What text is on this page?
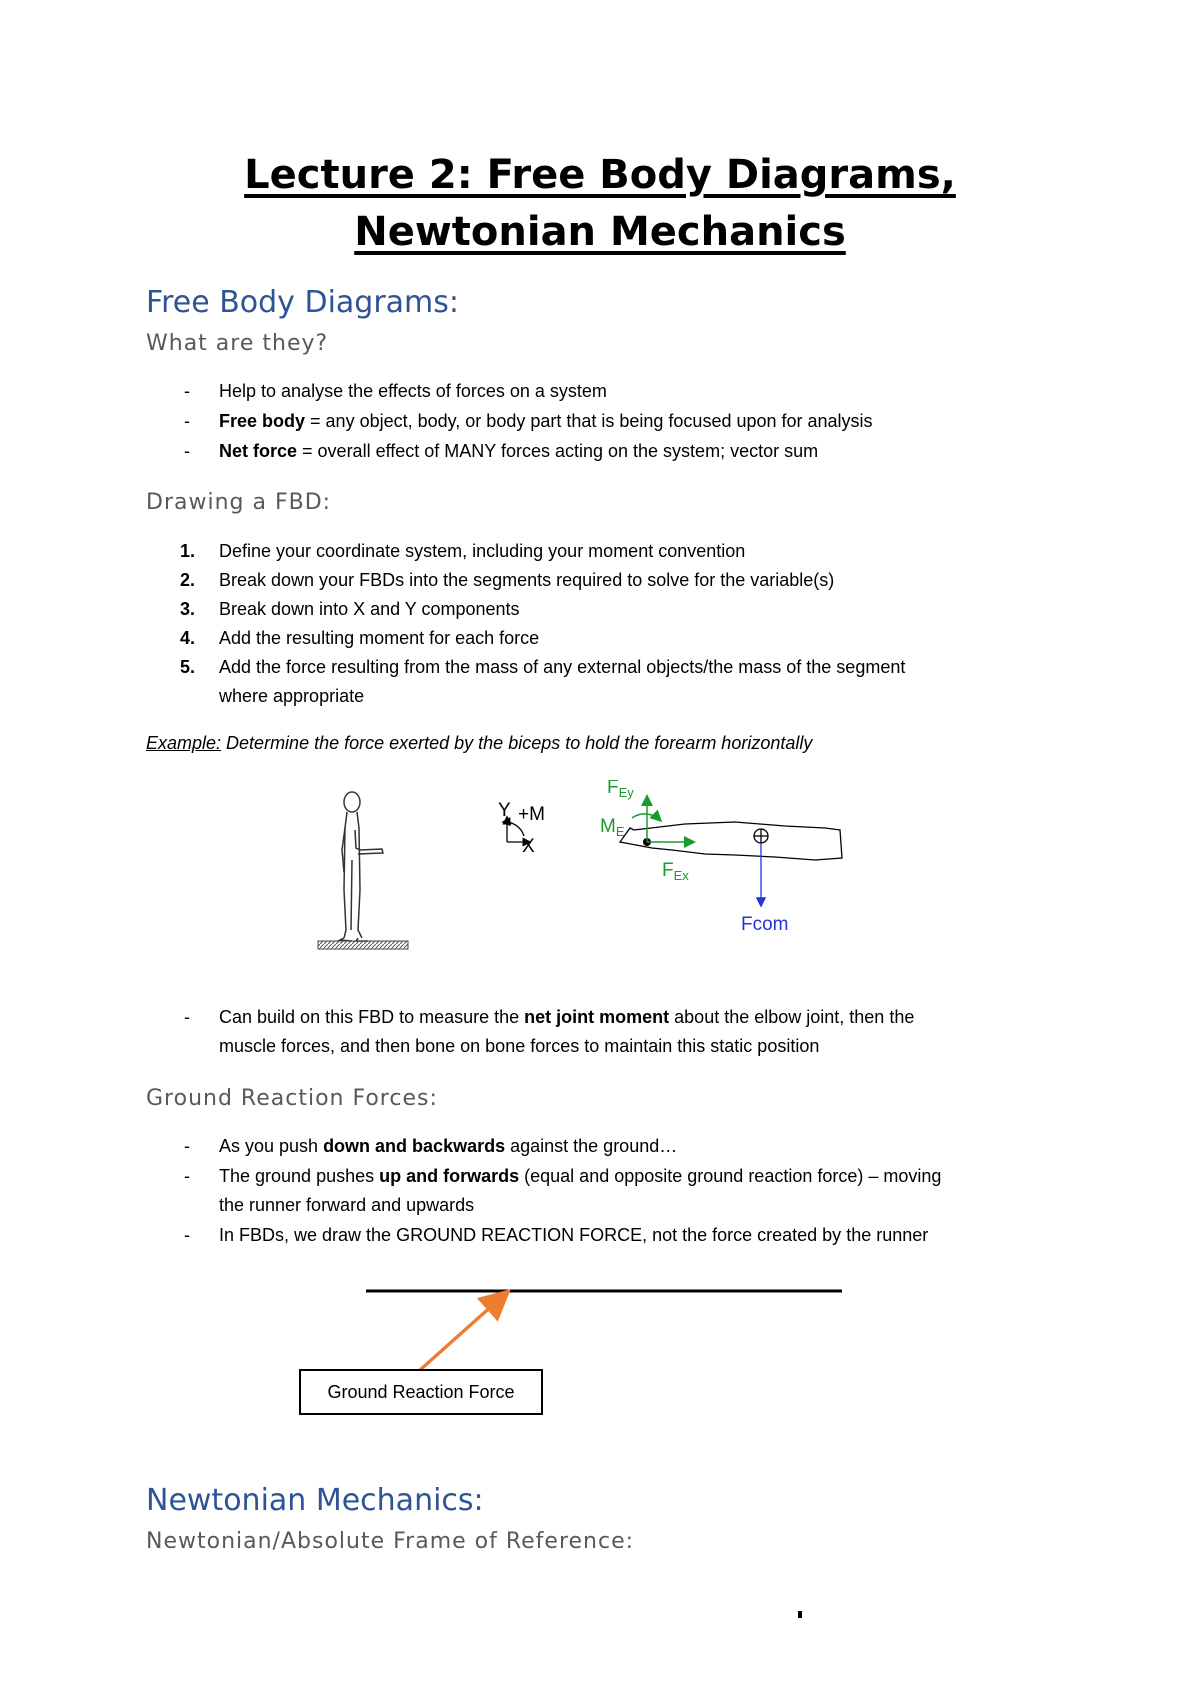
Lecture 2: Free Body Diagrams,
Newtonian Mechanics
Free Body Diagrams:
What are they?
- Help to analyse the effects of forces on a system
- Free body = any object, body, or body part that is being focused upon for analysis
- Net force = overall effect of MANY forces acting on the system; vector sum
Drawing a FBD:
1. Define your coordinate system, including your moment convention
2. Break down your FBDs into the segments required to solve for the variable(s)
3. Break down into X and Y components
4. Add the resulting moment for each force
5. Add the force resulting from the mass of any external objects/the mass of the segment
where appropriate
Example: Determine the force exerted by the biceps to hold the forearm horizontally
Y
X
+M
$F_{Ey}$
$M_E$
$F_{Ex}$
Fcom
- Can build on this FBD to measure the net joint moment about the elbow joint, then the
muscle forces, and then bone on bone forces to maintain this static position
Ground Reaction Forces:
- As you push down and backwards against the ground…
- The ground pushes up and forwards (equal and opposite ground reaction force) – moving
the runner forward and upwards
- In FBDs, we draw the GROUND REACTION FORCE, not the force created by the runner
Ground Reaction Force
Newtonian Mechanics:
Newtonian/Absolute Frame of Reference:
